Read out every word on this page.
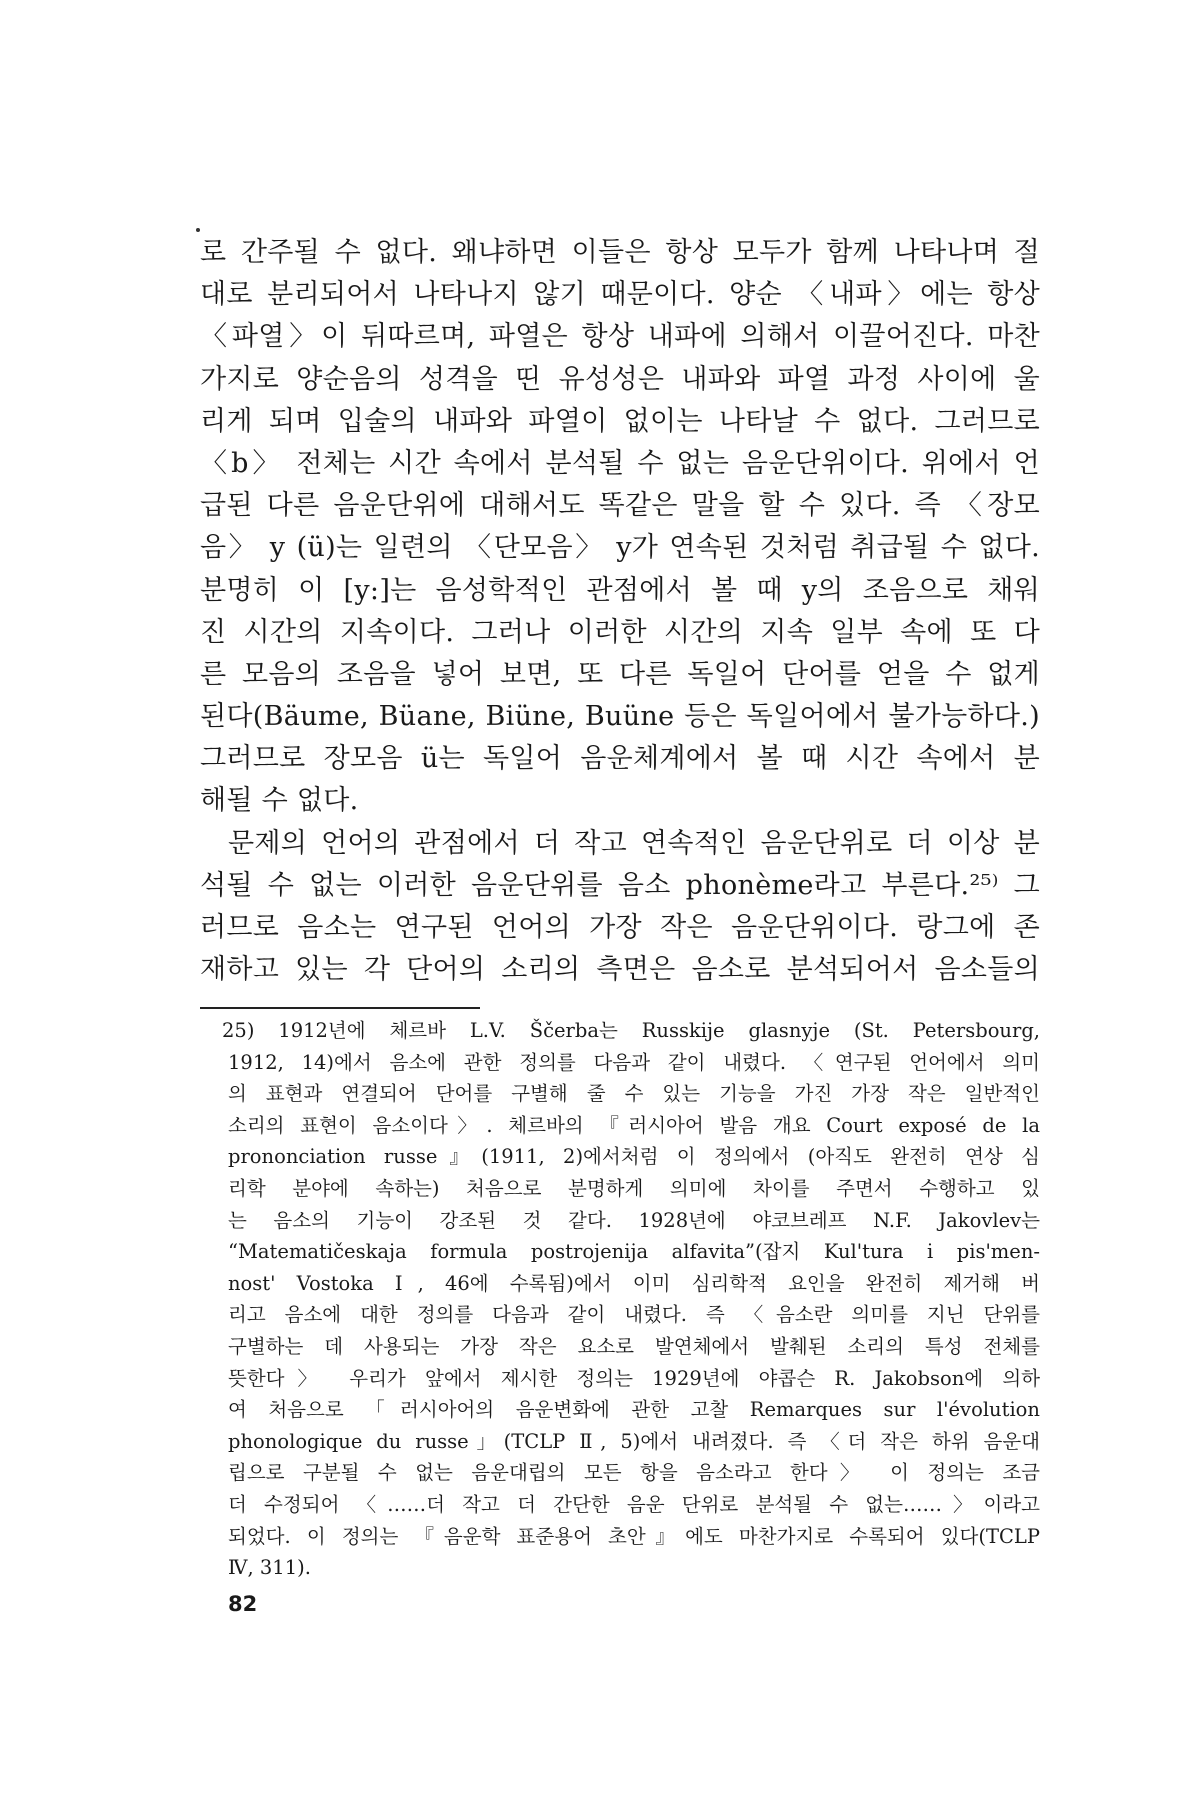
로 간주될 수 없다. 왜냐하면 이들은 항상 모두가 함께 나타나며 절
대로 분리되어서 나타나지 않기 때문이다. 양순 〈내파〉에는 항상
〈파열〉이 뒤따르며, 파열은 항상 내파에 의해서 이끌어진다. 마찬
가지로 양순음의 성격을 띤 유성성은 내파와 파열 과정 사이에 울
리게 되며 입술의 내파와 파열이 없이는 나타날 수 없다. 그러므로
〈b〉 전체는 시간 속에서 분석될 수 없는 음운단위이다. 위에서 언
급된 다른 음운단위에 대해서도 똑같은 말을 할 수 있다. 즉 〈장모
음〉 y (ü)는 일련의 〈단모음〉 y가 연속된 것처럼 취급될 수 없다.
분명히 이 [y:]는 음성학적인 관점에서 볼 때 y의 조음으로 채워
진 시간의 지속이다. 그러나 이러한 시간의 지속 일부 속에 또 다
른 모음의 조음을 넣어 보면, 또 다른 독일어 단어를 얻을 수 없게
된다(Bäume, Büane, Biüne, Buüne 등은 독일어에서 불가능하다.)
그러므로 장모음 ü는 독일어 음운체계에서 볼 때 시간 속에서 분
해될 수 없다.
문제의 언어의 관점에서 더 작고 연속적인 음운단위로 더 이상 분
석될 수 없는 이러한 음운단위를 음소 phonème라고 부른다.²⁵⁾ 그
러므로 음소는 연구된 언어의 가장 작은 음운단위이다. 랑그에 존
재하고 있는 각 단어의 소리의 측면은 음소로 분석되어서 음소들의
25) 1912년에 체르바 L.V. Ščerba는 Russkije glasnyje (St. Petersbourg,
1912, 14)에서 음소에 관한 정의를 다음과 같이 내렸다. 〈연구된 언어에서 의미
의 표현과 연결되어 단어를 구별해 줄 수 있는 기능을 가진 가장 작은 일반적인
소리의 표현이 음소이다〉. 체르바의 『러시아어 발음 개요 Court exposé de la
prononciation russe』(1911, 2)에서처럼 이 정의에서 (아직도 완전히 연상 심
리학 분야에 속하는) 처음으로 분명하게 의미에 차이를 주면서 수행하고 있
는 음소의 기능이 강조된 것 같다. 1928년에 야코브레프 N.F. Jakovlev는
“Matematičeskaja formula postrojenija alfavita”(잡지 Kul'tura i pis'men-
nost' Vostoka Ⅰ, 46에 수록됨)에서 이미 심리학적 요인을 완전히 제거해 버
리고 음소에 대한 정의를 다음과 같이 내렸다. 즉 〈음소란 의미를 지닌 단위를
구별하는 데 사용되는 가장 작은 요소로 발연체에서 발췌된 소리의 특성 전체를
뜻한다〉 우리가 앞에서 제시한 정의는 1929년에 야콥슨 R. Jakobson에 의하
여 처음으로 「러시아어의 음운변화에 관한 고찰 Remarques sur l'évolution
phonologique du russe」(TCLP Ⅱ, 5)에서 내려졌다. 즉 〈더 작은 하위 음운대
립으로 구분될 수 없는 음운대립의 모든 항을 음소라고 한다〉 이 정의는 조금
더 수정되어 〈……더 작고 더 간단한 음운 단위로 분석될 수 없는……〉이라고
되었다. 이 정의는 『음운학 표준용어 초안』에도 마찬가지로 수록되어 있다(TCLP
Ⅳ, 311).
82
